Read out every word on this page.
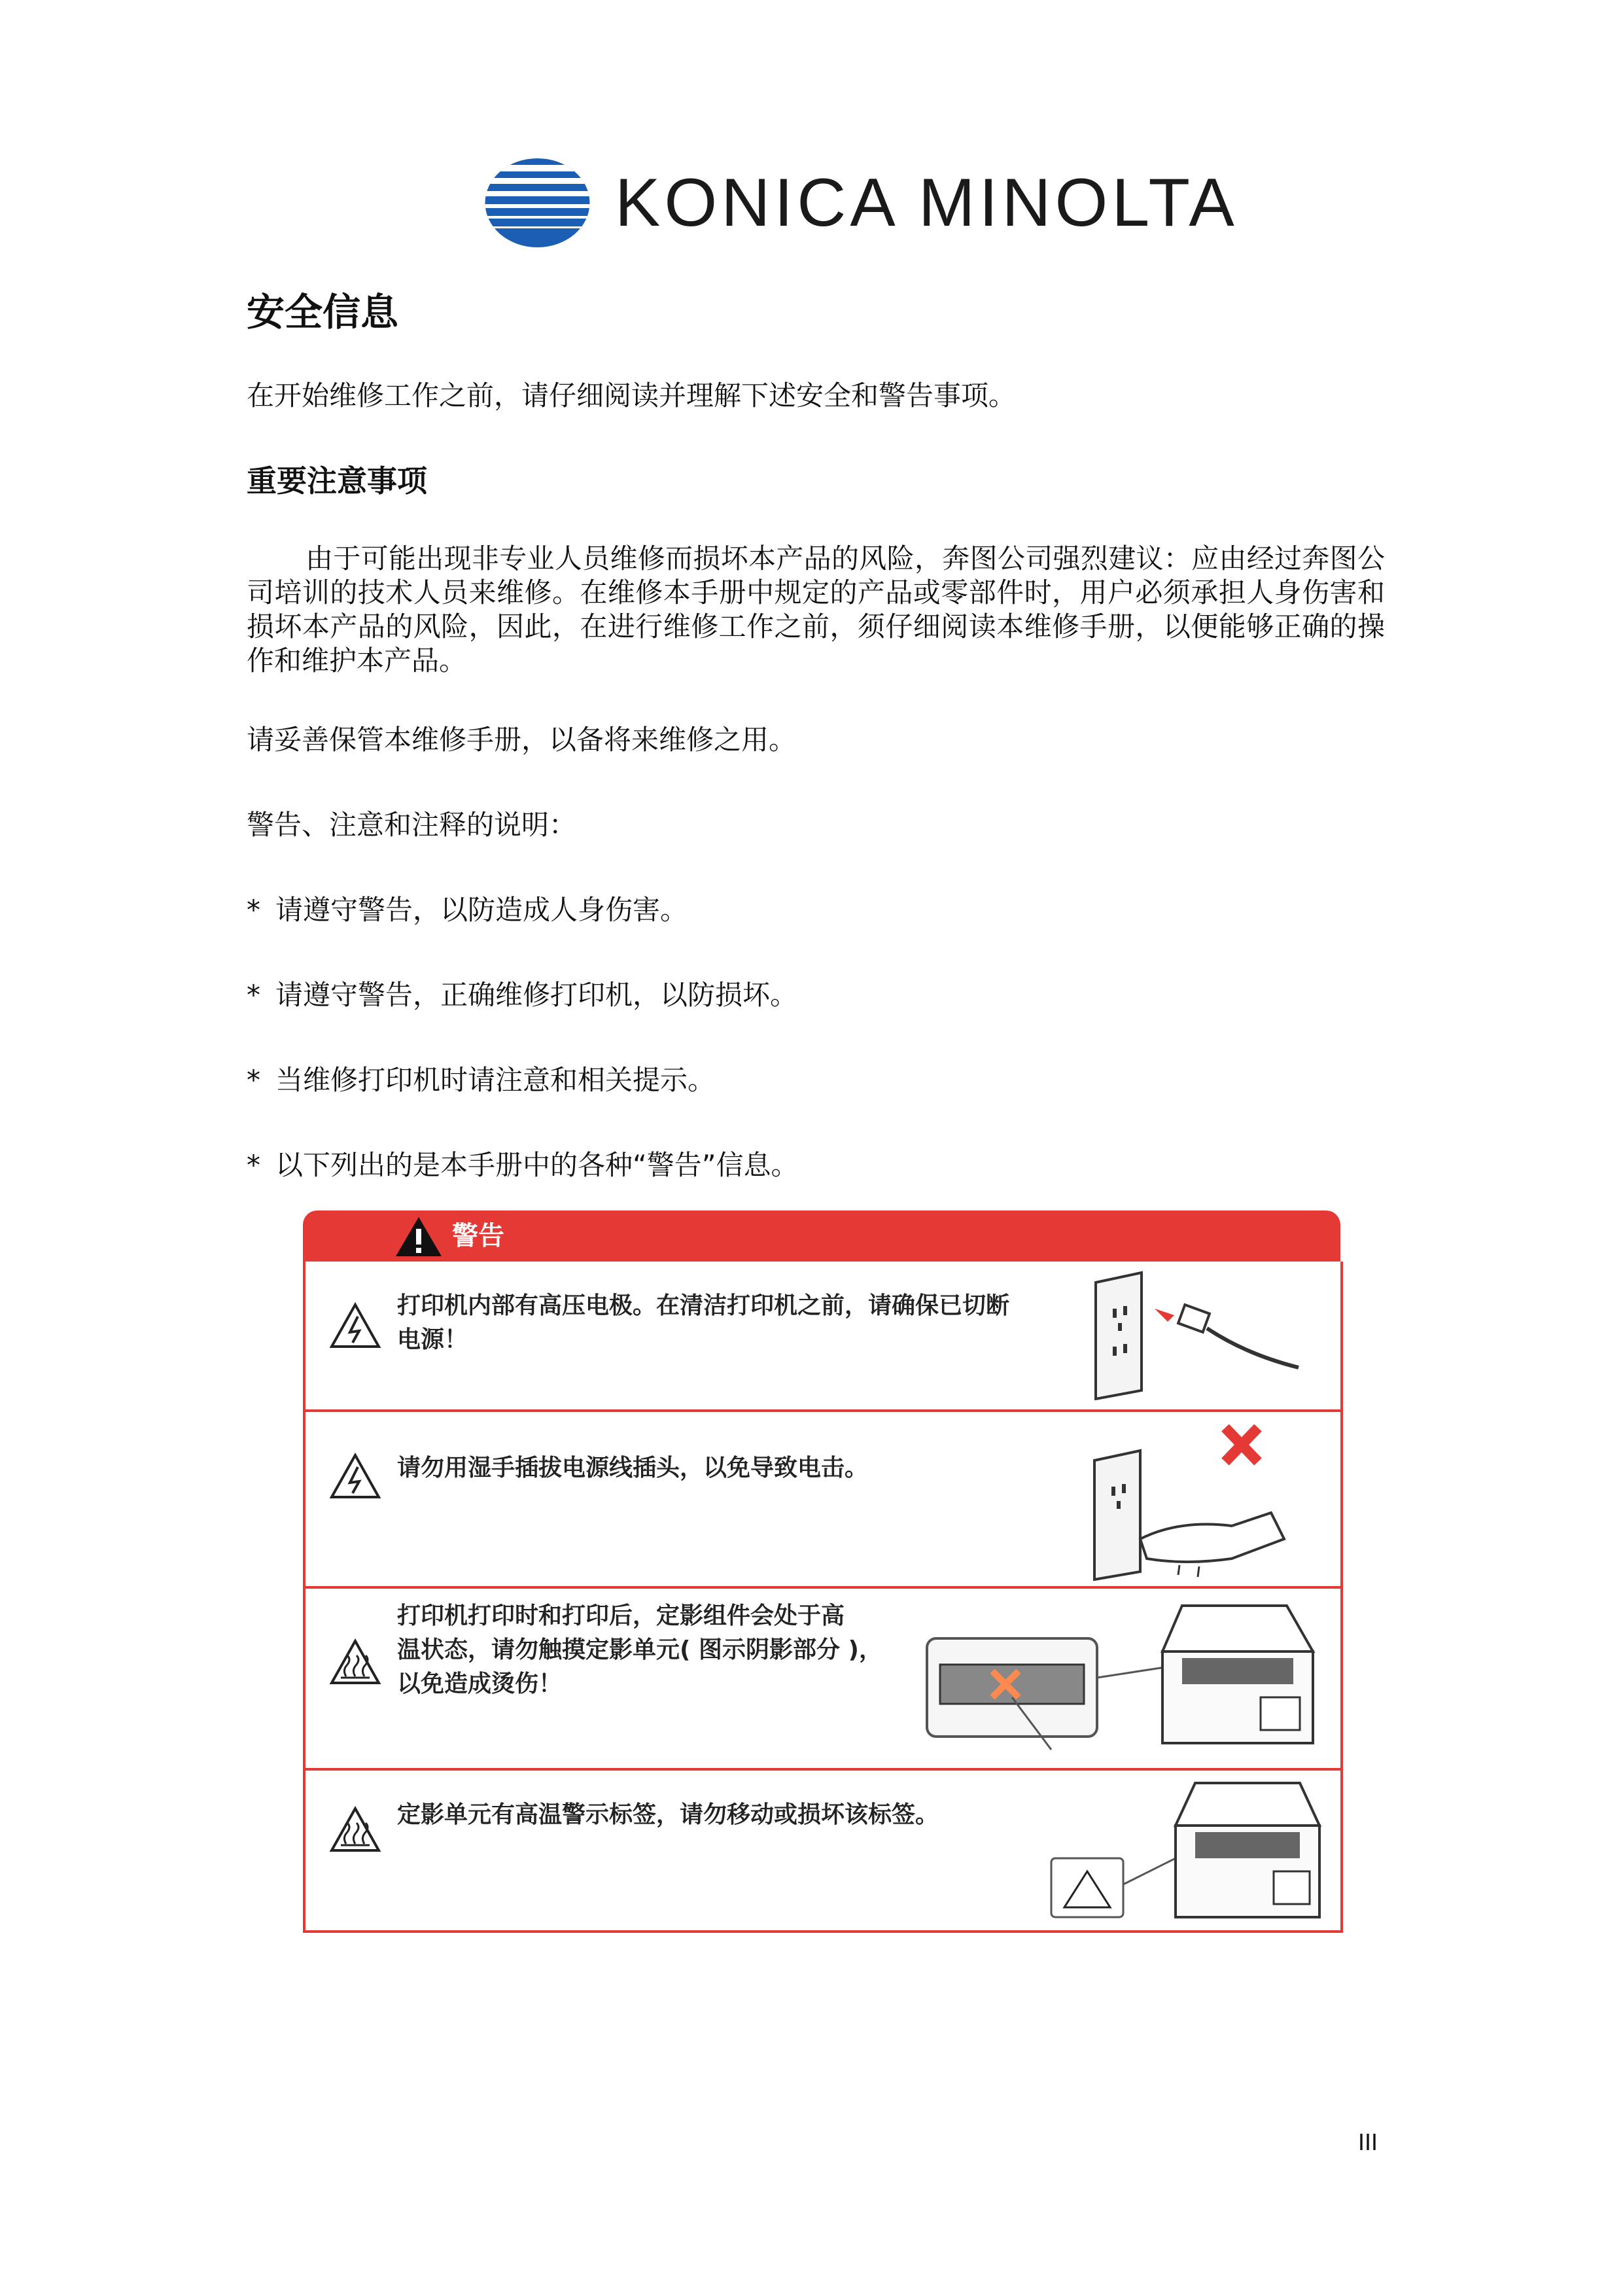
KONICA MINOLTA
安全信息
在开始维修工作之前，请仔细阅读并理解下述安全和警告事项。
重要注意事项
由于可能出现非专业人员维修而损坏本产品的风险，奔图公司强烈建议：应由经过奔图公司培训的技术人员来维修。在维修本手册中规定的产品或零部件时，用户必须承担人身伤害和损坏本产品的风险，因此，在进行维修工作之前，须仔细阅读本维修手册，以便能够正确的操作和维护本产品。
请妥善保管本维修手册，以备将来维修之用。
警告、注意和注释的说明：
* 请遵守警告，以防造成人身伤害。
* 请遵守警告，正确维修打印机，以防损坏。
* 当维修打印机时请注意和相关提示。
* 以下列出的是本手册中的各种“警告”信息。
警告
打印机内部有高压电极。在清洁打印机之前，请确保已切断
电源！
请勿用湿手插拔电源线插头，以免导致电击。
打印机打印时和打印后，定影组件会处于高
温状态，请勿触摸定影单元( 图示阴影部分 )，
以免造成烫伤！
定影单元有高温警示标签，请勿移动或损坏该标签。
III
